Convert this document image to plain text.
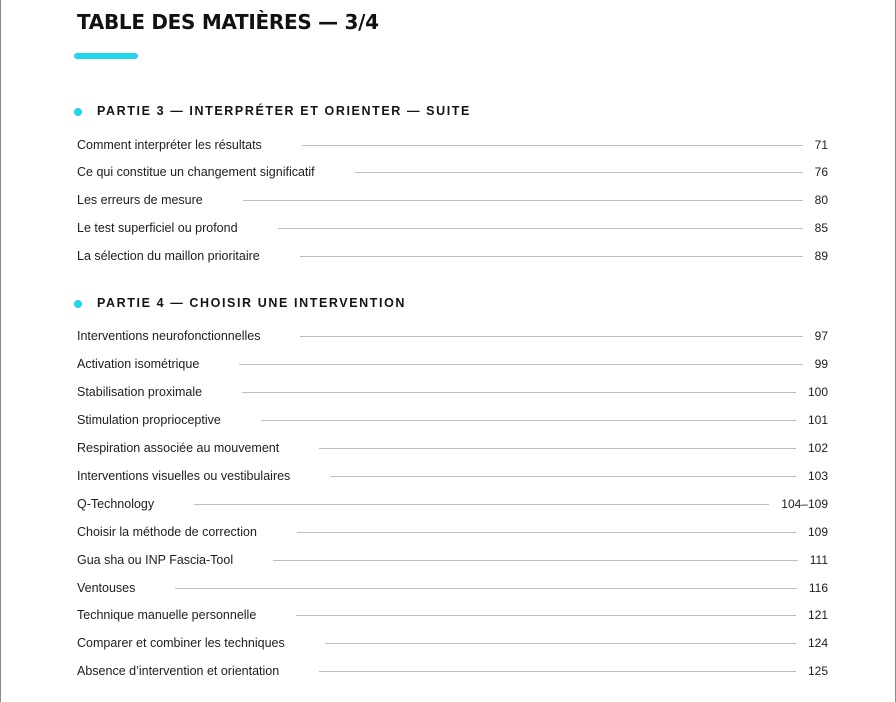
TABLE DES MATIÈRES — 3/4
PARTIE 3 — INTERPRÉTER ET ORIENTER — SUITE
Comment interpréter les résultats	71
Ce qui constitue un changement significatif	76
Les erreurs de mesure	80
Le test superficiel ou profond	85
La sélection du maillon prioritaire	89
PARTIE 4 — CHOISIR UNE INTERVENTION
Interventions neurofonctionnelles	97
Activation isométrique	99
Stabilisation proximale	100
Stimulation proprioceptive	101
Respiration associée au mouvement	102
Interventions visuelles ou vestibulaires	103
Q-Technology	104–109
Choisir la méthode de correction	109
Gua sha ou INP Fascia-Tool	111
Ventouses	116
Technique manuelle personnelle	121
Comparer et combiner les techniques	124
Absence d’intervention et orientation	125
